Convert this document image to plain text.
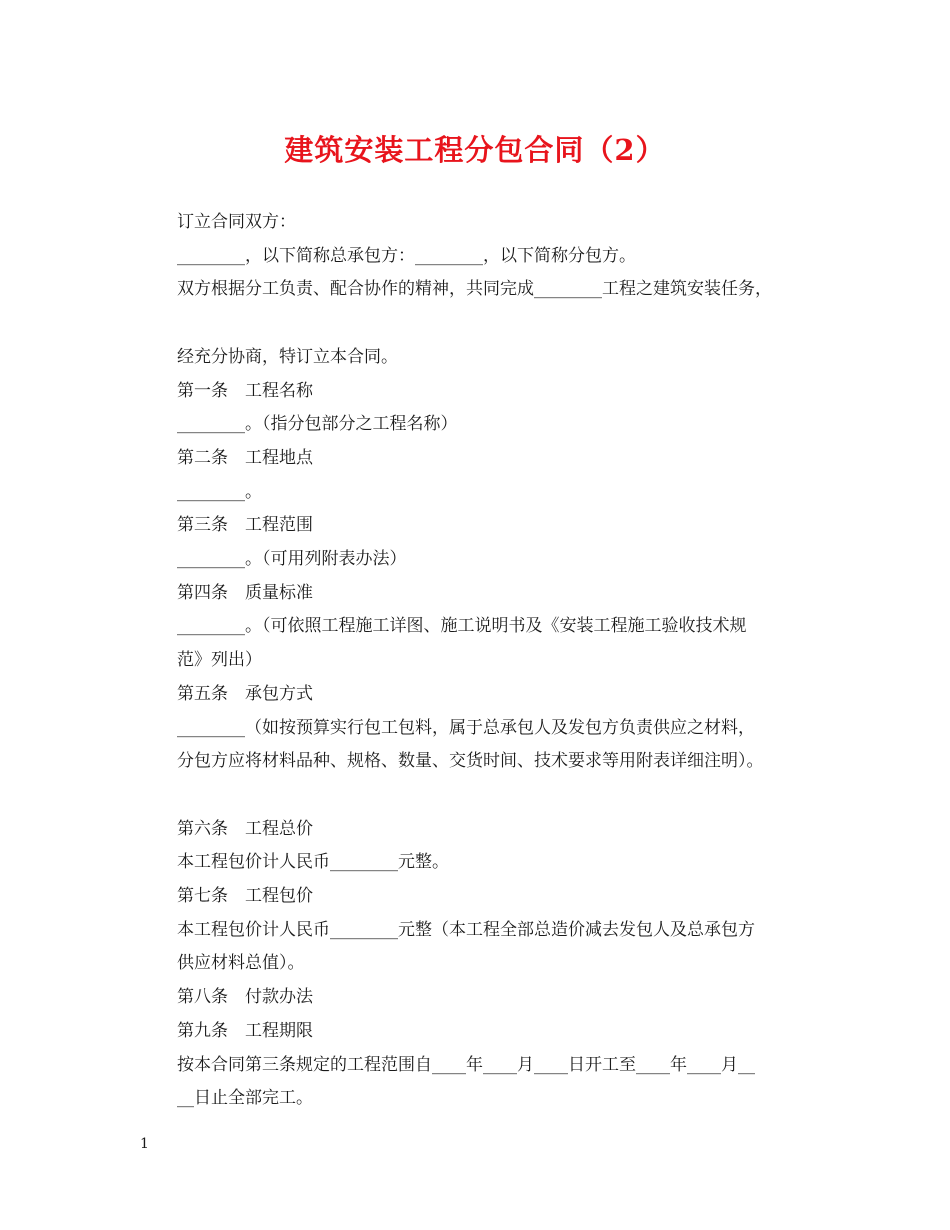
建筑安装工程分包合同（2）

订立合同双方：

________，以下简称总承包方：________，以下简称分包方。

双方根据分工负责、配合协作的精神，共同完成________工程之建筑安装任务，

经充分协商，特订立本合同。

第一条　工程名称

________。（指分包部分之工程名称）

第二条　工程地点

________。

第三条　工程范围

________。（可用列附表办法）

第四条　质量标准

________。（可依照工程施工详图、施工说明书及《安装工程施工验收技术规

范》列出）

第五条　承包方式

________（如按预算实行包工包料，属于总承包人及发包方负责供应之材料，

分包方应将材料品种、规格、数量、交货时间、技术要求等用附表详细注明）。

第六条　工程总价

本工程包价计人民币________元整。

第七条　工程包价

本工程包价计人民币________元整（本工程全部总造价减去发包人及总承包方

供应材料总值）。

第八条　付款办法

第九条　工程期限

按本合同第三条规定的工程范围自____年____月____日开工至____年____月__

__日止全部完工。

1
